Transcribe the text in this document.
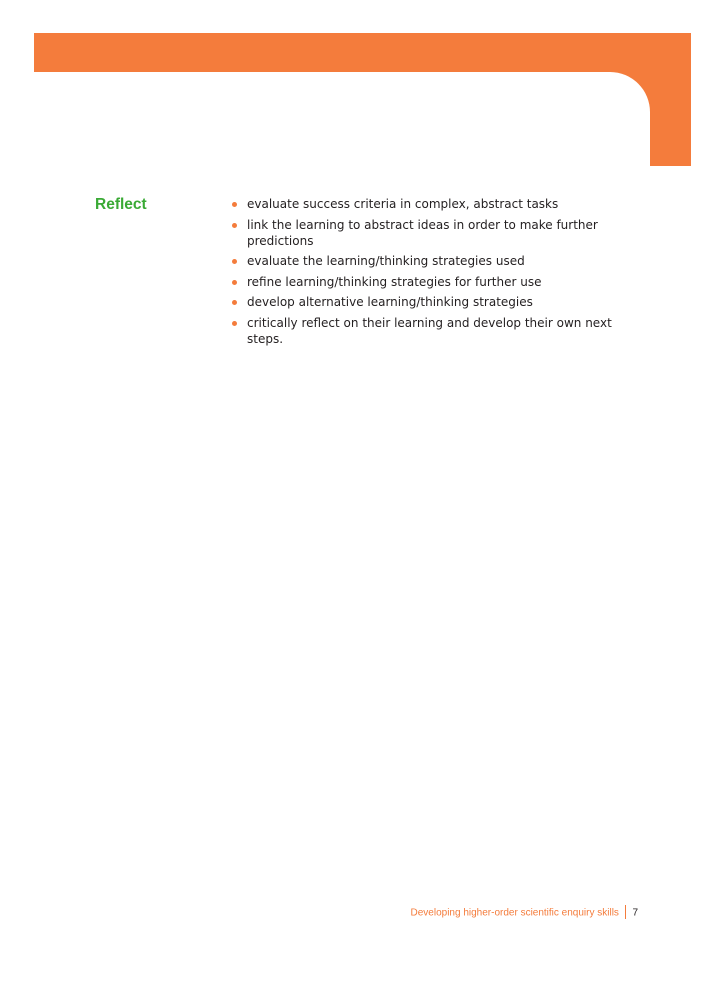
Reflect	evaluate success criteria in complex, abstract tasks
link the learning to abstract ideas in order to make further predictions
evaluate the learning/thinking strategies used
refine learning/thinking strategies for further use
develop alternative learning/thinking strategies
critically reflect on their learning and develop their own next steps.
Developing higher-order scientific enquiry skills 7
